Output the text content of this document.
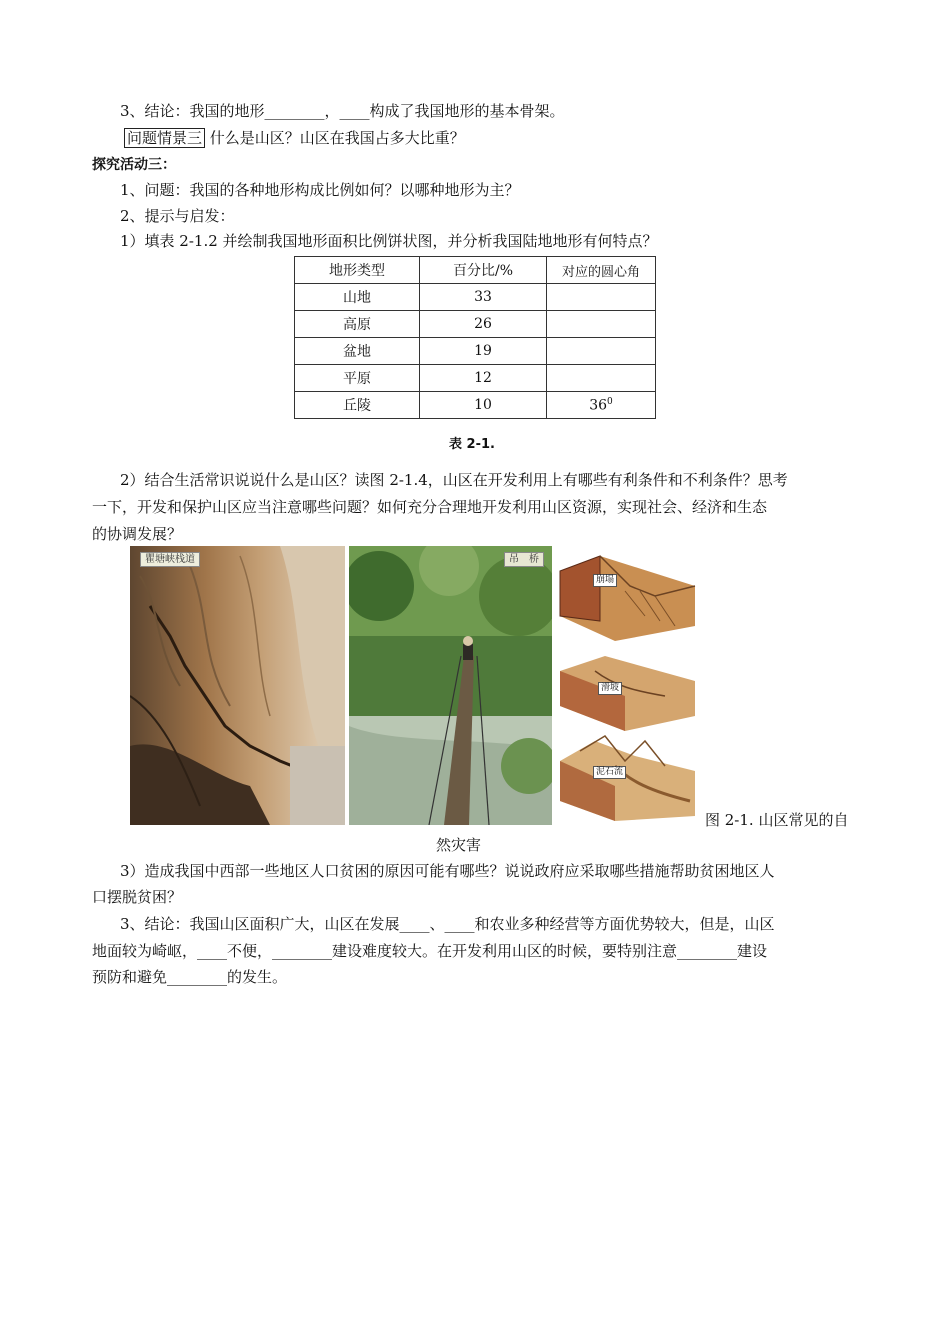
3、结论：我国的地形________，____构成了我国地形的基本骨架。
问题情景三 什么是山区？山区在我国占多大比重？
探究活动三：
1、问题：我国的各种地形构成比例如何？以哪种地形为主？
2、提示与启发：
1）填表 2-1.2 并绘制我国地形面积比例饼状图，并分析我国陆地地形有何特点？
地形类型	百分比/%	对应的圆心角
山地	33	
高原	26	
盆地	19	
平原	12	
丘陵	10	$36^0$
表 2-1.
2）结合生活常识说说什么是山区？读图 2-1.4，山区在开发利用上有哪些有利条件和不利条件？思考
一下，开发和保护山区应当注意哪些问题？如何充分合理地开发利用山区资源，实现社会、经济和生态
的协调发展？
瞿塘峡栈道	吊　桥
崩塌
滑坡
泥石流
图 2-1. 山区常见的自
然灾害
3）造成我国中西部一些地区人口贫困的原因可能有哪些？说说政府应采取哪些措施帮助贫困地区人
口摆脱贫困？
3、结论：我国山区面积广大，山区在发展____、____和农业多种经营等方面优势较大，但是，山区
地面较为崎岖，____不便，________建设难度较大。在开发利用山区的时候，要特别注意________建设
预防和避免________的发生。
